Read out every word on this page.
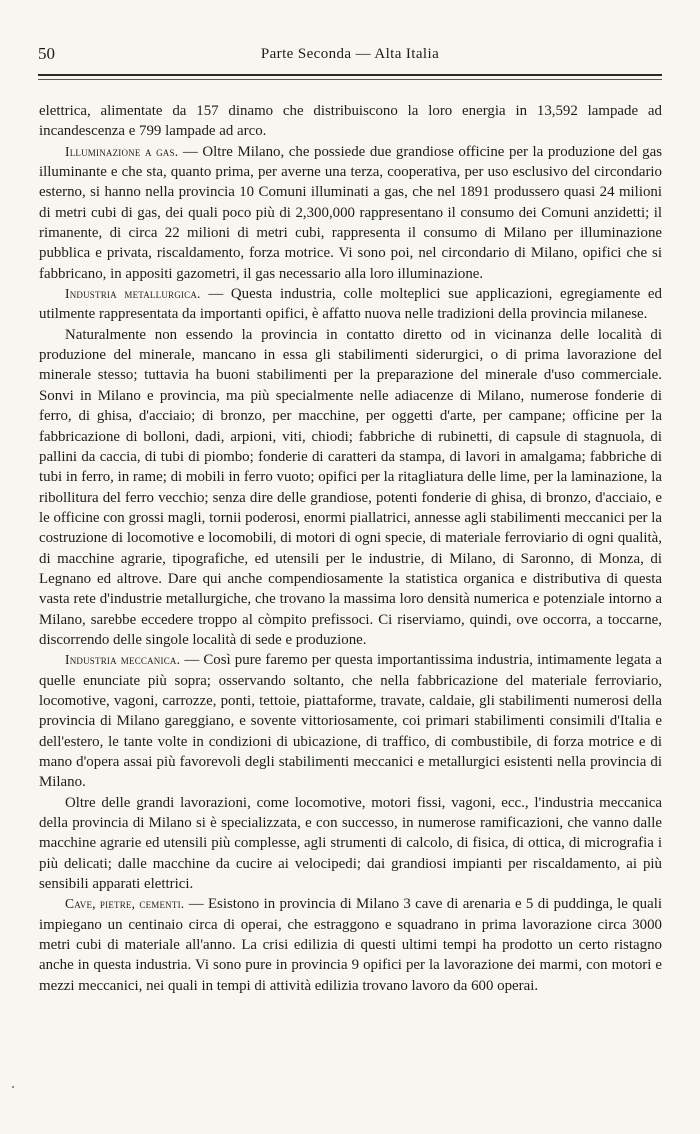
50	Parte Seconda — Alta Italia

elettrica, alimentate da 157 dinamo che distribuiscono la loro energia in 13,592 lampade ad incandescenza e 799 lampade ad arco.

Illuminazione a gas. — Oltre Milano, che possiede due grandiose officine per la produzione del gas illuminante e che sta, quanto prima, per averne una terza, cooperativa, per uso esclusivo del circondario esterno, si hanno nella provincia 10 Comuni illuminati a gas, che nel 1891 produssero quasi 24 milioni di metri cubi di gas, dei quali poco più di 2,300,000 rappresentano il consumo dei Comuni anzidetti; il rimanente, di circa 22 milioni di metri cubi, rappresenta il consumo di Milano per illuminazione pubblica e privata, riscaldamento, forza motrice. Vi sono poi, nel circondario di Milano, opifici che si fabbricano, in appositi gazometri, il gas necessario alla loro illuminazione.

Industria metallurgica. — Questa industria, colle molteplici sue applicazioni, egregiamente ed utilmente rappresentata da importanti opifici, è affatto nuova nelle tradizioni della provincia milanese.

Naturalmente non essendo la provincia in contatto diretto od in vicinanza delle località di produzione del minerale, mancano in essa gli stabilimenti siderurgici, o di prima lavorazione del minerale stesso; tuttavia ha buoni stabilimenti per la preparazione del minerale d'uso commerciale. Sonvi in Milano e provincia, ma più specialmente nelle adiacenze di Milano, numerose fonderie di ferro, di ghisa, d'acciaio; di bronzo, per macchine, per oggetti d'arte, per campane; officine per la fabbricazione di bolloni, dadi, arpioni, viti, chiodi; fabbriche di rubinetti, di capsule di stagnuola, di pallini da caccia, di tubi di piombo; fonderie di caratteri da stampa, di lavori in amalgama; fabbriche di tubi in ferro, in rame; di mobili in ferro vuoto; opifici per la ritagliatura delle lime, per la laminazione, la ribollitura del ferro vecchio; senza dire delle grandiose, potenti fonderie di ghisa, di bronzo, d'acciaio, e le officine con grossi magli, tornii poderosi, enormi piallatrici, annesse agli stabilimenti meccanici per la costruzione di locomotive e locomobili, di motori di ogni specie, di materiale ferroviario di ogni qualità, di macchine agrarie, tipografiche, ed utensili per le industrie, di Milano, di Saronno, di Monza, di Legnano ed altrove. Dare qui anche compendiosamente la statistica organica e distributiva di questa vasta rete d'industrie metallurgiche, che trovano la massima loro densità numerica e potenziale intorno a Milano, sarebbe eccedere troppo al còmpito prefissoci. Ci riserviamo, quindi, ove occorra, a toccarne, discorrendo delle singole località di sede e produzione.

Industria meccanica. — Così pure faremo per questa importantissima industria, intimamente legata a quelle enunciate più sopra; osservando soltanto, che nella fabbricazione del materiale ferroviario, locomotive, vagoni, carrozze, ponti, tettoie, piattaforme, travate, caldaie, gli stabilimenti numerosi della provincia di Milano gareggiano, e sovente vittoriosamente, coi primari stabilimenti consimili d'Italia e dell'estero, le tante volte in condizioni di ubicazione, di traffico, di combustibile, di forza motrice e di mano d'opera assai più favorevoli degli stabilimenti meccanici e metallurgici esistenti nella provincia di Milano.

Oltre delle grandi lavorazioni, come locomotive, motori fissi, vagoni, ecc., l'industria meccanica della provincia di Milano si è specializzata, e con successo, in numerose ramificazioni, che vanno dalle macchine agrarie ed utensili più complesse, agli strumenti di calcolo, di fisica, di ottica, di micrografia i più delicati; dalle macchine da cucire ai velocipedi; dai grandiosi impianti per riscaldamento, ai più sensibili apparati elettrici.

Cave, pietre, cementi. — Esistono in provincia di Milano 3 cave di arenaria e 5 di puddinga, le quali impiegano un centinaio circa di operai, che estraggono e squadrano in prima lavorazione circa 3000 metri cubi di materiale all'anno. La crisi edilizia di questi ultimi tempi ha prodotto un certo ristagno anche in questa industria. Vi sono pure in provincia 9 opifici per la lavorazione dei marmi, con motori e mezzi meccanici, nei quali in tempi di attività edilizia trovano lavoro da 600 operai.
